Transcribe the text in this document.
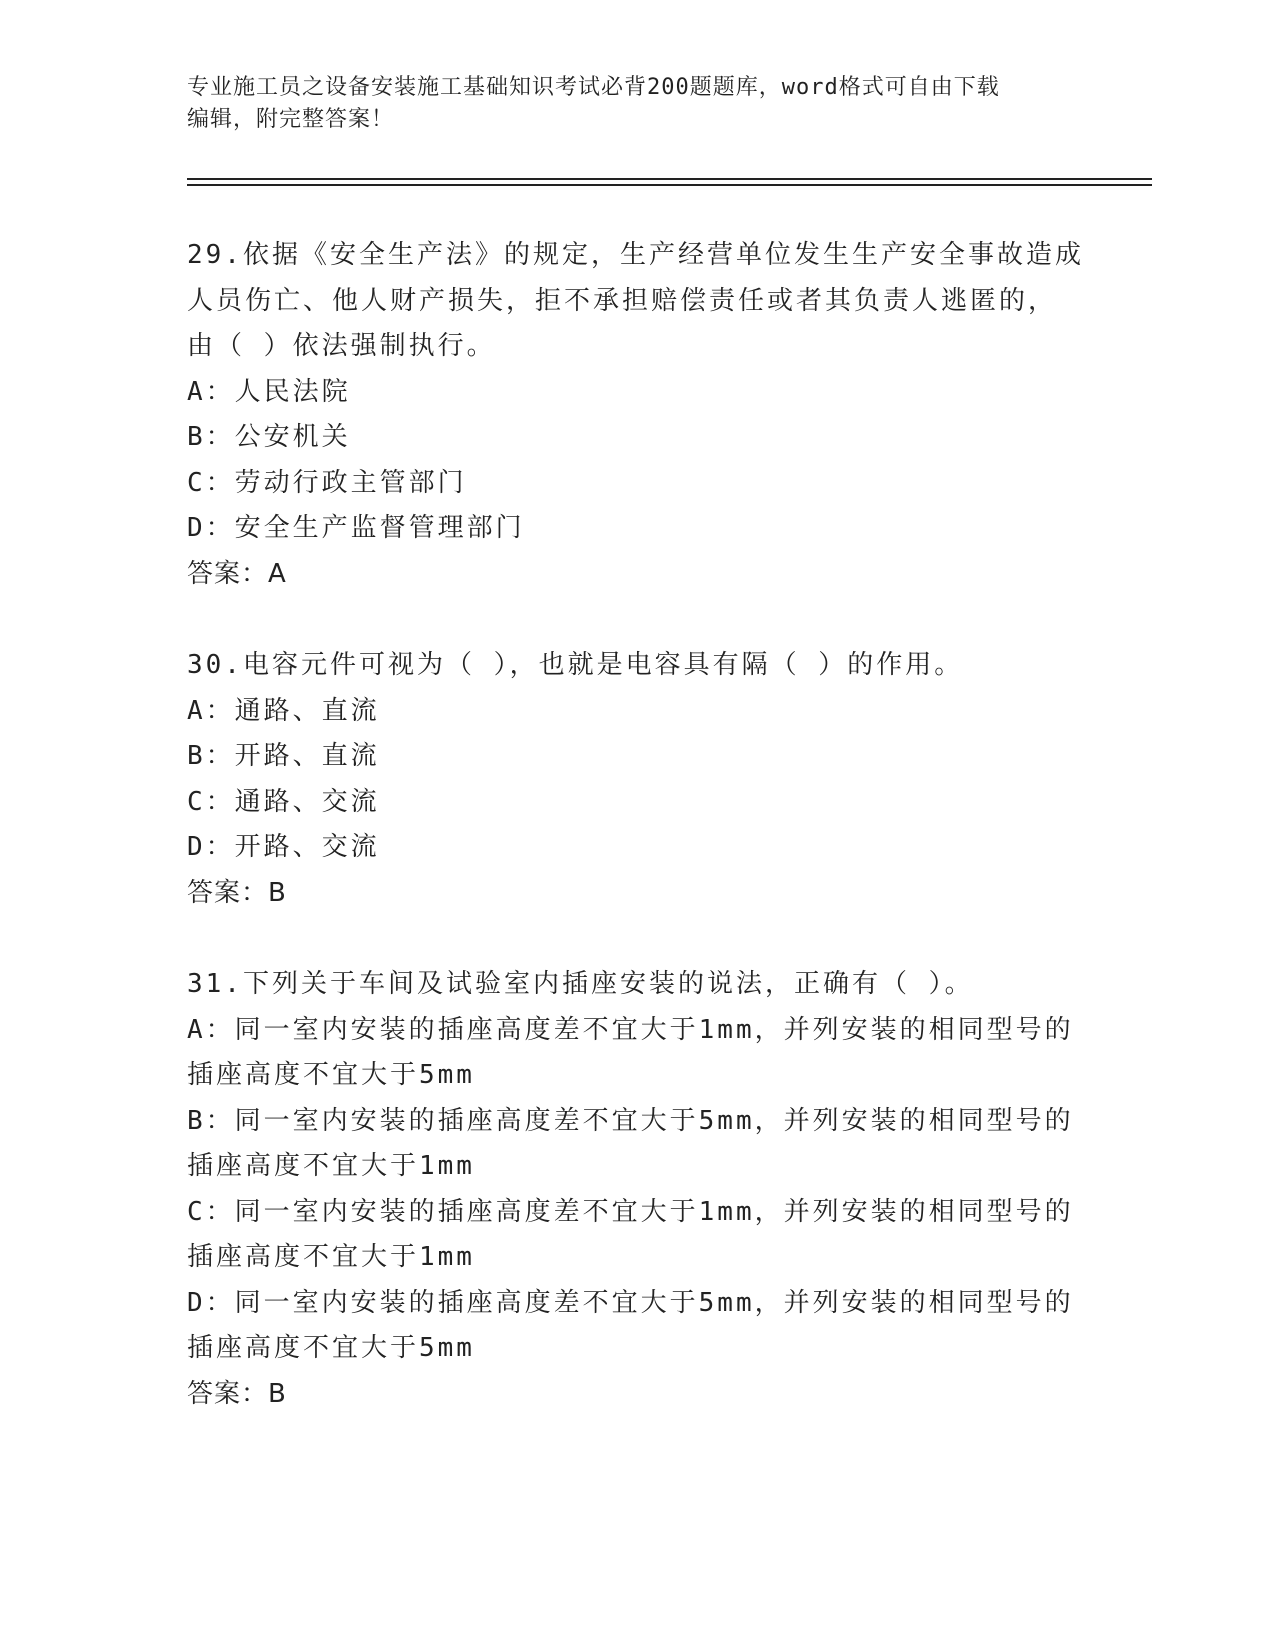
专业施工员之设备安装施工基础知识考试必背200题题库，word格式可自由下载
编辑，附完整答案！
29.依据《安全生产法》的规定，生产经营单位发生生产安全事故造成
人员伤亡、他人财产损失，拒不承担赔偿责任或者其负责人逃匿的，
由（ ）依法强制执行。
A：人民法院
B：公安机关
C：劳动行政主管部门
D：安全生产监督管理部门
答案：A
30.电容元件可视为（ ），也就是电容具有隔（ ）的作用。
A：通路、直流
B：开路、直流
C：通路、交流
D：开路、交流
答案：B
31.下列关于车间及试验室内插座安装的说法，正确有（ ）。
A：同一室内安装的插座高度差不宜大于1mm，并列安装的相同型号的
插座高度不宜大于5mm
B：同一室内安装的插座高度差不宜大于5mm，并列安装的相同型号的
插座高度不宜大于1mm
C：同一室内安装的插座高度差不宜大于1mm，并列安装的相同型号的
插座高度不宜大于1mm
D：同一室内安装的插座高度差不宜大于5mm，并列安装的相同型号的
插座高度不宜大于5mm
答案：B
